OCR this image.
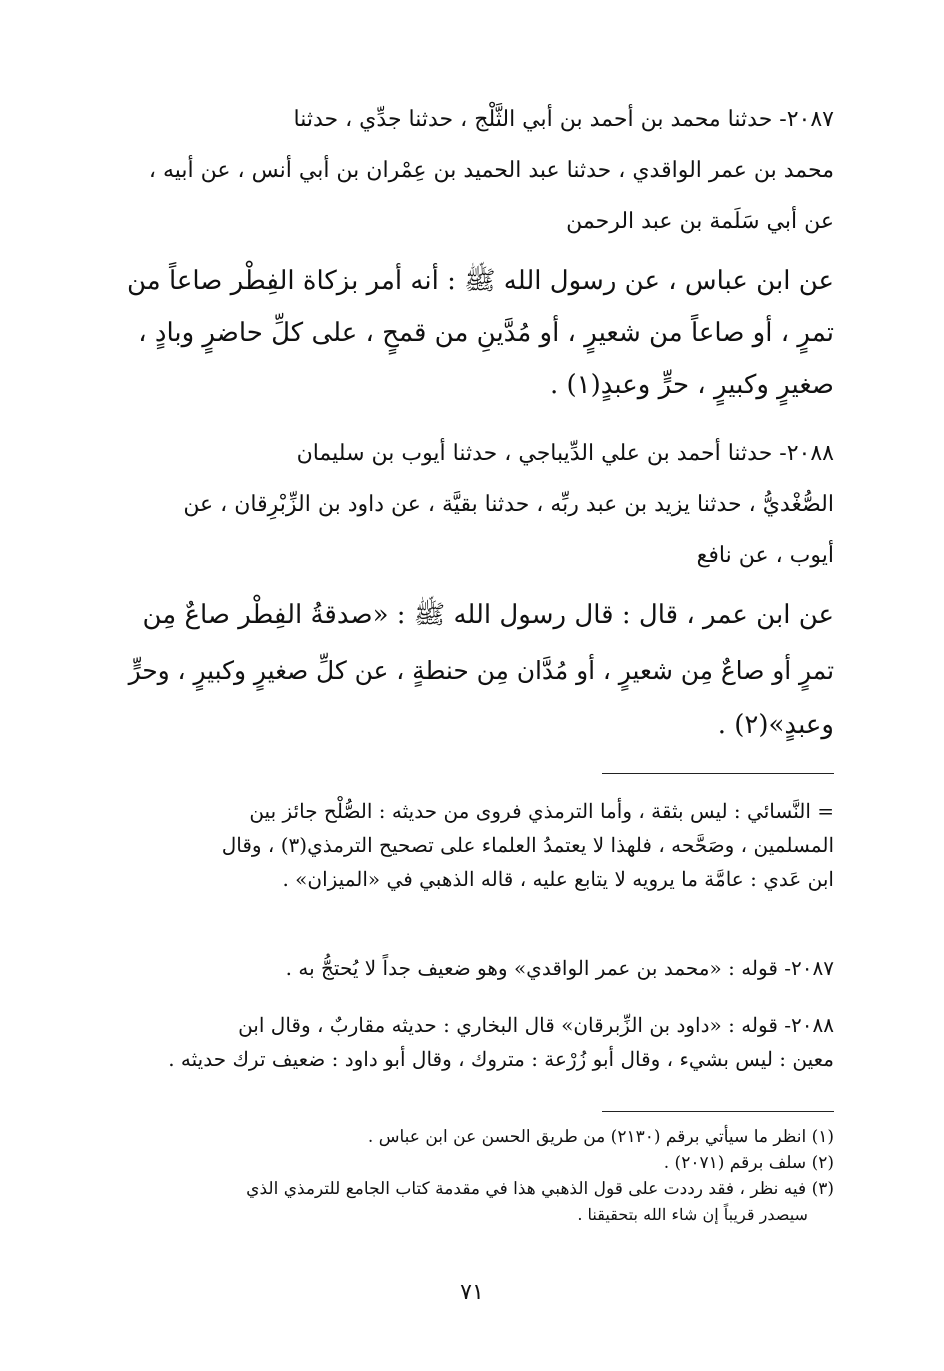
٢٠٨٧- حدثنا محمد بن أحمد بن أبي الثَّلْج ، حدثنا جدِّي ، حدثنا
محمد بن عمر الواقدي ، حدثنا عبد الحميد بن عِمْران بن أبي أنس ، عن أبيه ،
عن أبي سَلَمة بن عبد الرحمن
عن ابن عباس ، عن رسول الله ﷺ : أنه أمر بزكاة الفِطْر صاعاً من
تمرٍ ، أو صاعاً من شعيرٍ ، أو مُدَّينِ من قمحٍ ، على كلِّ حاضرٍ وبادٍ ،
صغيرٍ وكبيرٍ ، حرٍّ وعبدٍ(١) .
٢٠٨٨- حدثنا أحمد بن علي الدِّيباجي ، حدثنا أيوب بن سليمان
الصُّغْديُّ ، حدثنا يزيد بن عبد ربِّه ، حدثنا بقيَّة ، عن داود بن الزِّبْرِقان ، عن
أيوب ، عن نافع
عن ابن عمر ، قال : قال رسول الله ﷺ : «صدقةُ الفِطْر صاعٌ مِن
تمرٍ أو صاعٌ مِن شعيرٍ ، أو مُدَّان مِن حنطةٍ ، عن كلِّ صغيرٍ وكبيرٍ ، وحرٍّ
وعبدٍ»(٢) .
= النَّسائي : ليس بثقة ، وأما الترمذي فروى من حديثه : الصُّلْح جائز بين
المسلمين ، وصَحَّحه ، فلهذا لا يعتمدُ العلماء على تصحيح الترمذي(٣) ، وقال
ابن عَدي : عامَّة ما يرويه لا يتابع عليه ، قاله الذهبي في «الميزان» .
٢٠٨٧- قوله : «محمد بن عمر الواقدي» وهو ضعيف جداً لا يُحتجُّ به .
٢٠٨٨- قوله : «داود بن الزِّبرقان» قال البخاري : حديثه مقاربٌ ، وقال ابن
معين : ليس بشيء ، وقال أبو زُرْعة : متروك ، وقال أبو داود : ضعيف ترك حديثه .
(١) انظر ما سيأتي برقم (٢١٣٠) من طريق الحسن عن ابن عباس .
(٢) سلف برقم (٢٠٧١) .
(٣) فيه نظر ، فقد رددت على قول الذهبي هذا في مقدمة كتاب الجامع للترمذي الذي
سيصدر قريباً إن شاء الله بتحقيقنا .
٧١
